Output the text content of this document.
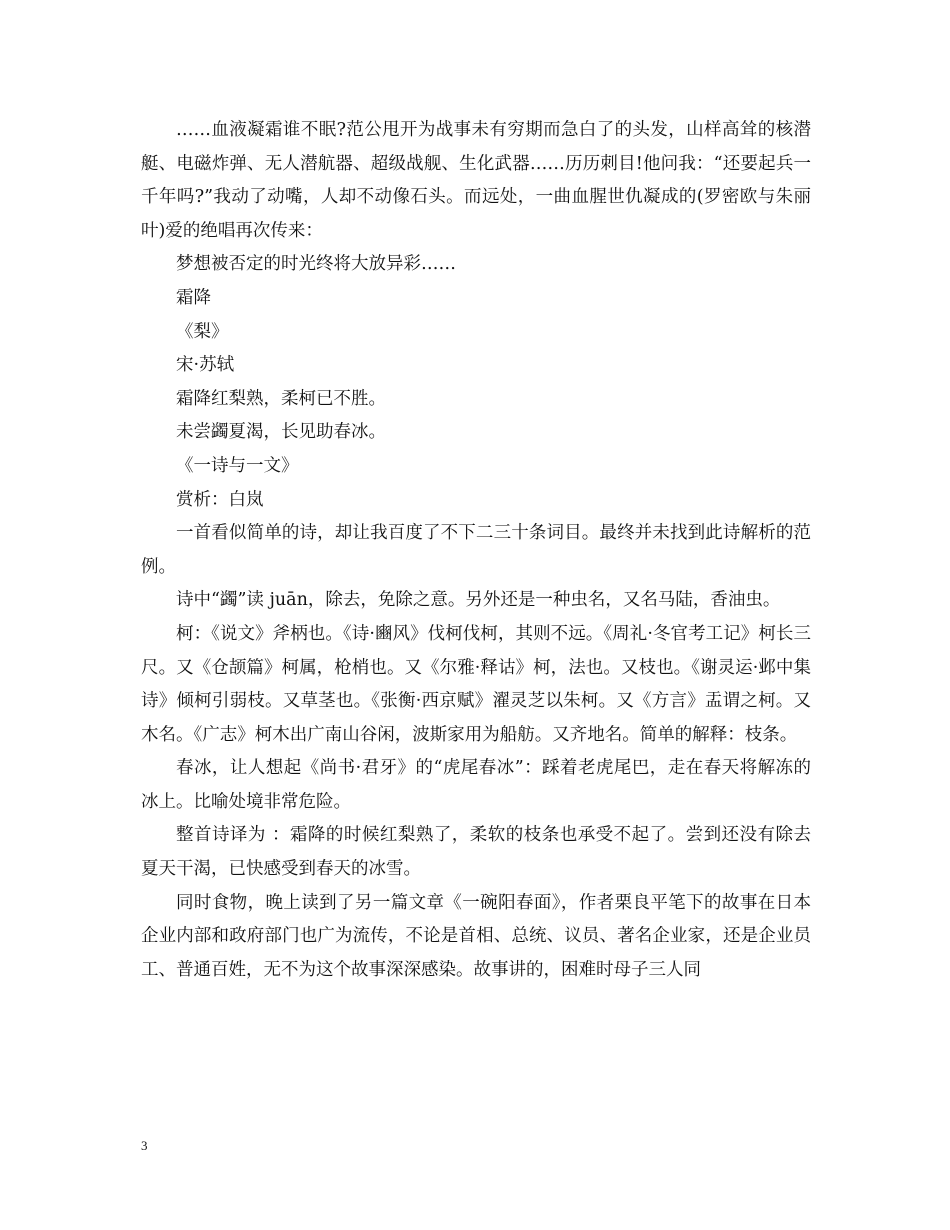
……血液凝霜谁不眠?范公甩开为战事未有穷期而急白了的头发，山样高耸的核潜艇、电磁炸弹、无人潜航器、超级战舰、生化武器……历历刺目!他问我：“还要起兵一千年吗?”我动了动嘴，人却不动像石头。而远处，一曲血腥世仇凝成的(罗密欧与朱丽叶)爱的绝唱再次传来：

梦想被否定的时光终将大放异彩……

霜降

《梨》

宋·苏轼

霜降红梨熟，柔柯已不胜。

未尝蠲夏渴，长见助春冰。

《一诗与一文》

赏析：白岚

一首看似简单的诗，却让我百度了不下二三十条词目。最终并未找到此诗解析的范例。

诗中“蠲”读 juān，除去，免除之意。另外还是一种虫名，又名马陆，香油虫。

柯：《说文》斧柄也。《诗·豳风》伐柯伐柯，其则不远。《周礼·冬官考工记》柯长三尺。又《仓颉篇》柯属，枪梢也。又《尔雅·释诂》柯，法也。又枝也。《谢灵运·邺中集诗》倾柯引弱枝。又草茎也。《张衡·西京赋》濯灵芝以朱柯。又《方言》盂谓之柯。又木名。《广志》柯木出广南山谷闲，波斯家用为船舫。又齐地名。简单的解释：枝条。

春冰，让人想起《尚书·君牙》的“虎尾春冰”：踩着老虎尾巴，走在春天将解冻的冰上。比喻处境非常危险。

整首诗译为 ：霜降的时候红梨熟了，柔软的枝条也承受不起了。尝到还没有除去夏天干渴，已快感受到春天的冰雪。

同时食物，晚上读到了另一篇文章《一碗阳春面》，作者栗良平笔下的故事在日本企业内部和政府部门也广为流传，不论是首相、总统、议员、著名企业家，还是企业员工、普通百姓，无不为这个故事深深感染。故事讲的，困难时母子三人同

3
